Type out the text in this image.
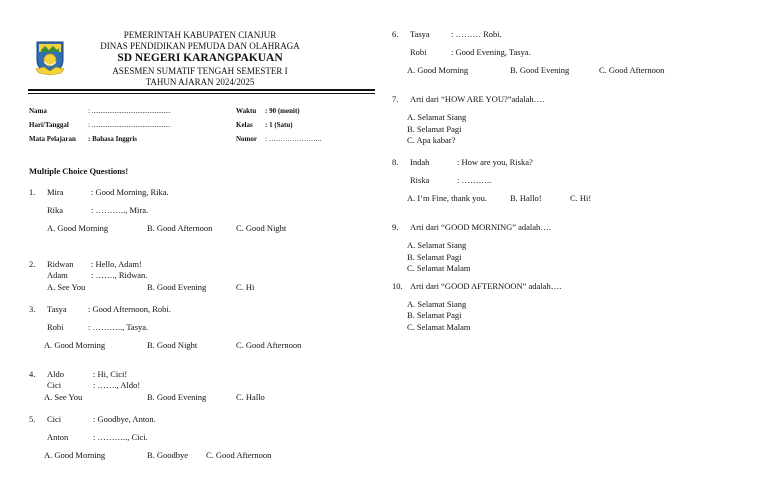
PEMERINTAH KABUPATEN CIANJUR
DINAS PENDIDIKAN PEMUDA DAN OLAHRAGA
SD NEGERI KARANGPAKUAN
ASESMEN SUMATIF TENGAH SEMESTER I
TAHUN AJARAN 2024/2025
Nama	: .............................................
Hari/Tanggal	: .............................................
Mata Pelajaran : Bahasa Inggris
Waktu : 90 (menit)
Kelas : 1 (Satu)
Nomor : …………………..
Multiple Choice Questions!
1. Mira	: Good Morning, Rika.
Rika	: ……….., Mira.
A. Good Morning	B. Good Afternoon	C. Good Night
2. Ridwan : Hello, Adam!
Adam	: ……., Ridwan.
A. See You	B. Good Evening	C. Hi
3. Tasya	: Good Afternoon, Robi.
Robi	: ……….., Tasya.
A. Good Morning	B. Good Night	C. Good Afternoon
4. Aldo	: Hi, Cici!
Cici	: ……., Aldo!
A. See You	B. Good Evening	C. Hallo
5. Cici	: Goodbye, Anton.
Anton	: ……….., Cici.
A. Good Morning	B. Goodbye C. Good Afternoon
6. Tasya	: ……… Robi.
Robi	: Good Evening, Tasya.
A. Good Morning	B. Good Evening	C. Good Afternoon
7. Arti dari “HOW ARE YOU?”adalah….
A. Selamat Siang
B. Selamat Pagi
C. Apa kabar?
8. Indah	: How are you, Riska?
Riska	: ………..
A. I’m Fine, thank you.	B. Hallo!	C. Hi!
9. Arti dari “GOOD MORNING” adalah….
A. Selamat Siang
B. Selamat Pagi
C. Selamat Malam
10. Arti dari “GOOD AFTERNOON” adalah….
A. Selamat Siang
B. Selamat Pagi
C. Selamat Malam
